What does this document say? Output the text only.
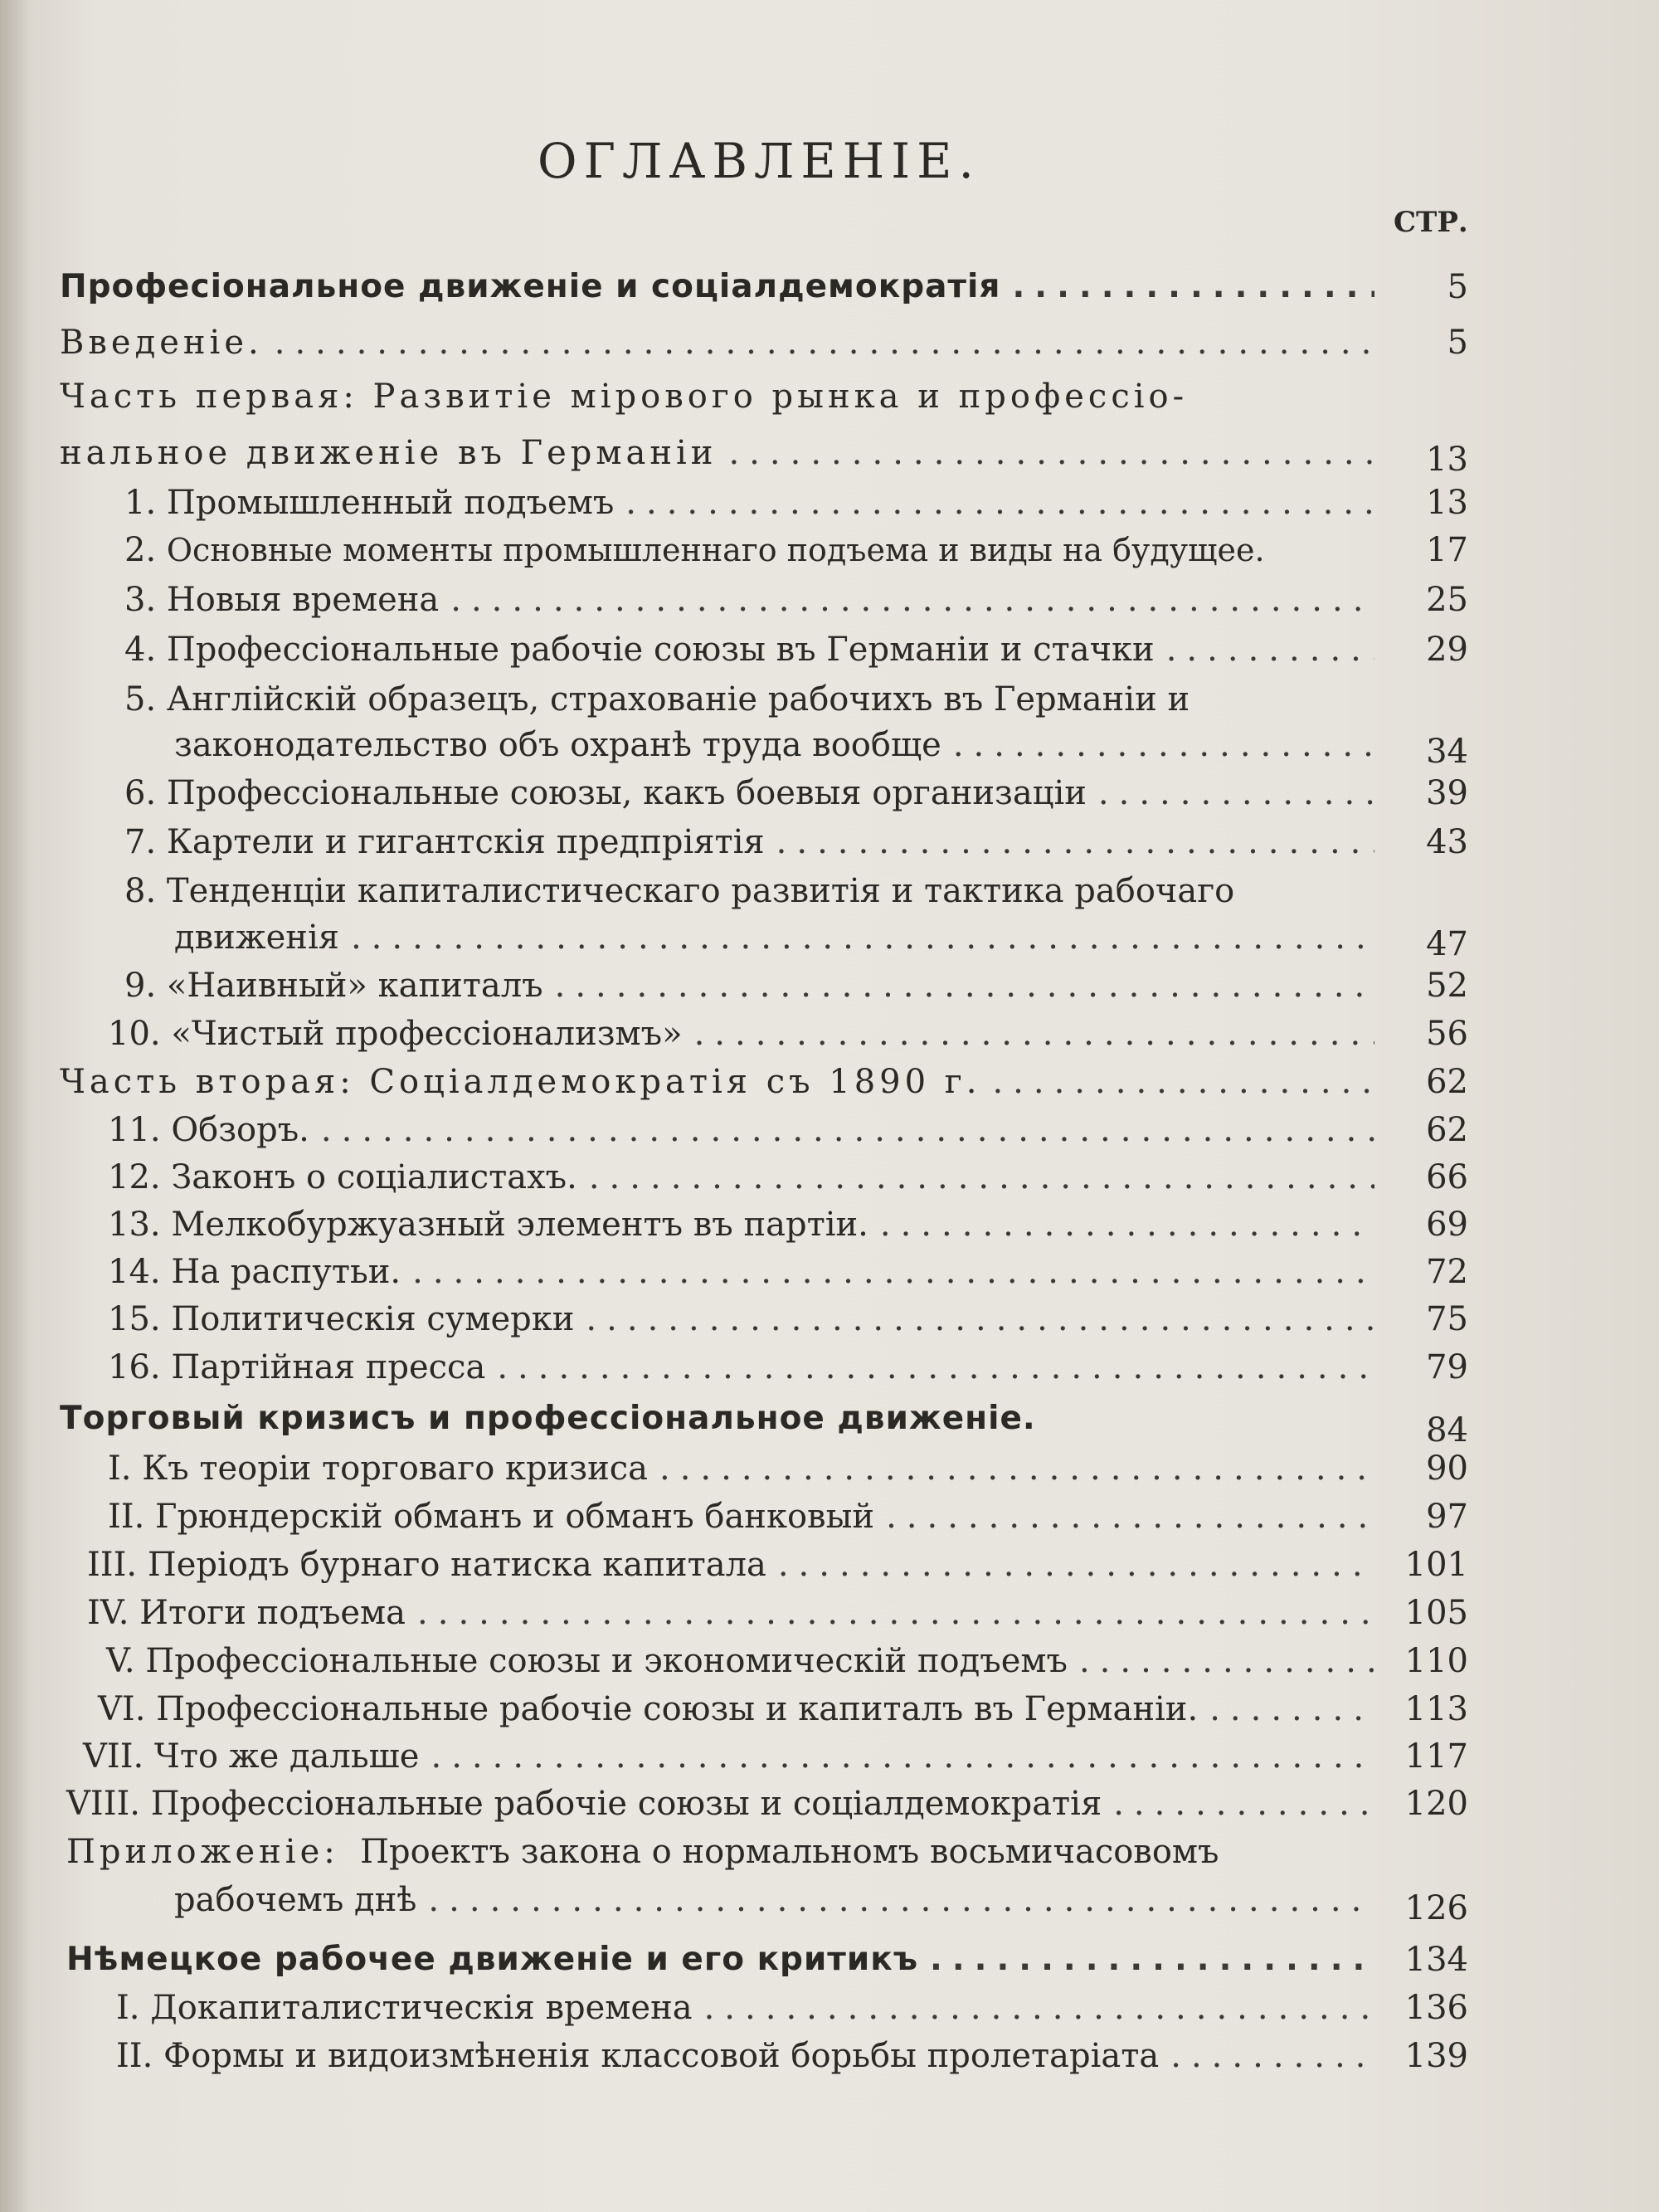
ОГЛАВЛЕНІЕ.
СТР.
Професіональное движеніе и соціалдемократія .....	5
Введеніе. .....	5
Часть первая:
Развитіе мірового рынка и професcіо-
нальное движеніе въ Германіи .....	13
1.
Промышленный подъемъ .....	13
2.
Основные моменты промышленнаго подъема и виды на будущее.	17
3.
Новыя времена .....	25
4.
Професcіональные рабочіе союзы въ Германіи и стачки .....	29
5.
Англійскій образецъ, страхованіе рабочихъ въ Германіи и
законодательство объ охранѣ труда вообще .....	34
6.
Професcіональные союзы, какъ боевыя организаціи .....	39
7.
Картели и гигантскія предпріятія .....	43
8.
Тенденціи капиталистическаго развитія и тактика рабочаго
движенія .....	47
9.
«Наивный» капиталъ .....	52
10.
«Чистый професcіонализмъ» .....	56
Часть вторая:
Соціалдемократія съ 1890 г. .....	62
11.
Обзоръ. .....	62
12.
Законъ о соціалистахъ. .....	66
13.
Мелкобуржуазный элементъ въ партіи. .....	69
14.
На распутьи. .....	72
15.
Политическія сумерки .....	75
16.
Партійная пресса .....	79
Торговый кризисъ и професcіональное движеніе.	84
I.
Къ теоріи торговаго кризиса .....	90
II.
Грюндерскій обманъ и обманъ банковый .....	97
III.
Періодъ бурнаго натиска капитала .....	101
IV.
Итоги подъема .....	105
V.
Професcіональные союзы и экономическій подъемъ .....	110
VI.
Професcіональные рабочіе союзы и капиталъ въ Германіи. .....	113
VII.
Что же дальше .....	117
VIII.
Професcіональные рабочіе союзы и соціалдемократія .....	120
Приложеніе:
Проектъ закона о нормальномъ восьмичасовомъ
рабочемъ днѣ .....	126
Нѣмецкое рабочее движеніе и его критикъ .....	134
I.
Докапиталистическія времена .....	136
II.
Формы и видоизмѣненія классовой борьбы пролетаріата .....	139
